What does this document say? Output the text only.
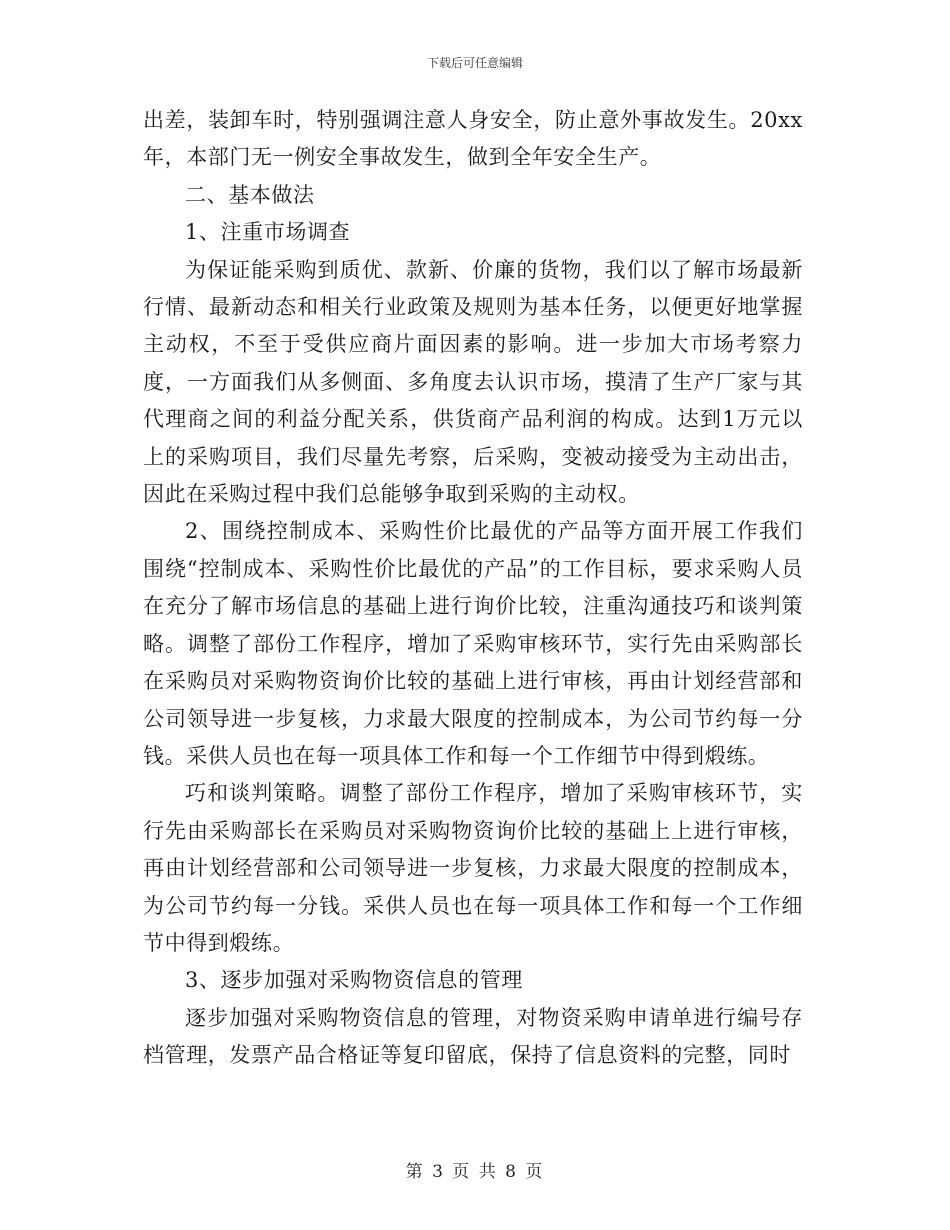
下载后可任意编辑

出差，装卸车时，特别强调注意人身安全，防止意外事故发生。20xx年，本部门无一例安全事故发生，做到全年安全生产。

二、基本做法

1、注重市场调查

为保证能采购到质优、款新、价廉的货物，我们以了解市场最新行情、最新动态和相关行业政策及规则为基本任务，以便更好地掌握主动权，不至于受供应商片面因素的影响。进一步加大市场考察力度，一方面我们从多侧面、多角度去认识市场，摸清了生产厂家与其代理商之间的利益分配关系，供货商产品利润的构成。达到1万元以上的采购项目，我们尽量先考察，后采购，变被动接受为主动出击，因此在采购过程中我们总能够争取到采购的主动权。

2、围绕控制成本、采购性价比最优的产品等方面开展工作我们围绕“控制成本、采购性价比最优的产品”的工作目标，要求采购人员在充分了解市场信息的基础上进行询价比较，注重沟通技巧和谈判策略。调整了部份工作程序，增加了采购审核环节，实行先由采购部长在采购员对采购物资询价比较的基础上进行审核，再由计划经营部和公司领导进一步复核，力求最大限度的控制成本，为公司节约每一分钱。采供人员也在每一项具体工作和每一个工作细节中得到煅练。

巧和谈判策略。调整了部份工作程序，增加了采购审核环节，实行先由采购部长在采购员对采购物资询价比较的基础上上进行审核，再由计划经营部和公司领导进一步复核，力求最大限度的控制成本，为公司节约每一分钱。采供人员也在每一项具体工作和每一个工作细节中得到煅练。

3、逐步加强对采购物资信息的管理

逐步加强对采购物资信息的管理，对物资采购申请单进行编号存档管理，发票产品合格证等复印留底，保持了信息资料的完整，同时

第 3 页 共 8 页
